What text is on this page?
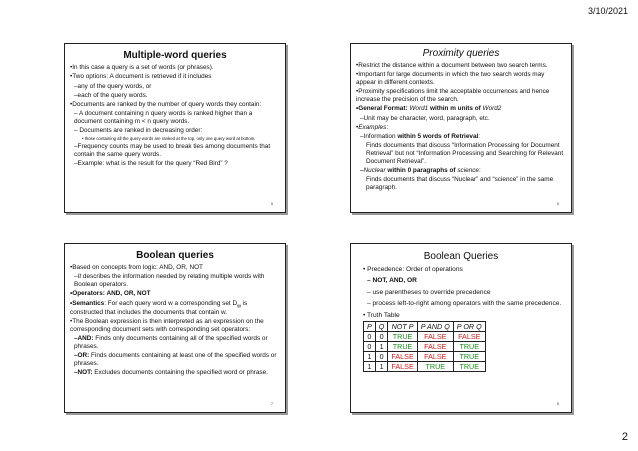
3/10/2021
Multiple-word queries
•In this case a query is a set of words (or phrases).
•Two options: A document is retrieved if it includes
–any of the query words, or
–each of the query words.
•Documents are ranked by the number of query words they contain:
– A document containing n query words is ranked higher than a document containing m < n query words.
– Documents are ranked in decreasing order:
• those containing all the query words are ranked at the top, only one query word at bottom.
–Frequency counts may be used to break ties among documents that contain the same query words.
–Example: what is the result for the query “Red Bird” ?
5
Proximity queries
•Restrict the distance within a document between two search terms.
•Important for large documents in which the two search words may appear in different contexts.
•Proximity specifications limit the acceptable occurrences and hence increase the precision of the search.
•General Format: Word1 within m units of Word2
–Unit may be character, word, paragraph, etc.
•Examples:
–Information within 5 words of Retrieval:
Finds documents that discuss “Information Processing for Document Retrieval” but not “Information Processing and Searching for Relevant Document Retrieval”.
–Nuclear within 0 paragraphs of science:
Finds documents that discuss “Nuclear” and “science” in the same paragraph.
6
Boolean queries
•Based on concepts from logic: AND, OR, NOT
–It describes the information needed by relating multiple words with Boolean operators.
•Operators: AND, OR, NOT
•Semantics: For each query word w a corresponding set $D_w$ is constructed that includes the documents that contain w.
•The Boolean expression is then interpreted as an expression on the corresponding document sets with corresponding set operators:
–AND: Finds only documents containing all of the specified words or phrases.
–OR: Finds documents containing at least one of the specified words or phrases.
–NOT: Excludes documents containing the specified word or phrase.
7
Boolean Queries
• Precedence: Order of operations
– NOT, AND, OR
– use parentheses to override precedence
– process left-to-right among operators with the same precedence.
• Truth Table
P	Q	NOT P	P AND Q	P OR Q
0	0	TRUE	FALSE	FALSE
0	1	TRUE	FALSE	TRUE
1	0	FALSE	FALSE	TRUE
1	1	FALSE	TRUE	TRUE
8
2
